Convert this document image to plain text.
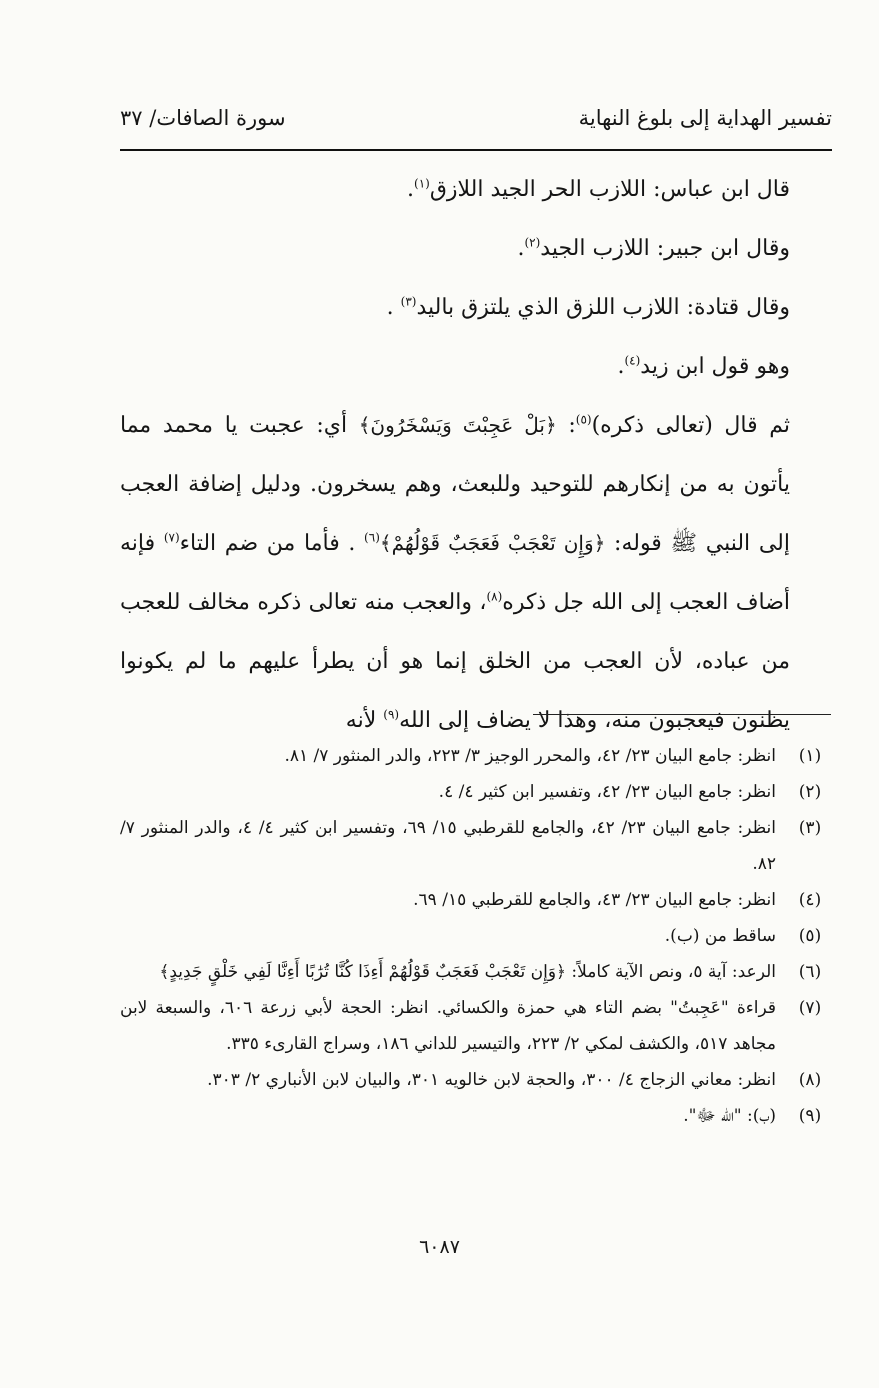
تفسير الهداية إلى بلوغ النهاية
سورة الصافات/ ٣٧

قال ابن عباس: اللازب الحر الجيد اللازق$^{(١)}$.

وقال ابن جبير: اللازب الجيد$^{(٢)}$.

وقال قتادة: اللازب اللزق الذي يلتزق باليد$^{(٣)}$ .

وهو قول ابن زيد$^{(٤)}$.

ثم قال (تعالى ذكره)$^{(٥)}$: ﴿بَلْ عَجِبْتَ وَيَسْخَرُونَ﴾ أي: عجبت يا محمد مما يأتون به من إنكارهم للتوحيد وللبعث، وهم يسخرون. ودليل إضافة العجب إلى النبي ﷺ قوله: ﴿وَإِن تَعْجَبْ فَعَجَبٌ قَوْلُهُمْ﴾$^{(٦)}$ . فأما من ضم التاء$^{(٧)}$ فإنه أضاف العجب إلى الله جل ذكره$^{(٨)}$، والعجب منه تعالى ذكره مخالف للعجب من عباده، لأن العجب من الخلق إنما هو أن يطرأ عليهم ما لم يكونوا يظنون فيعجبون منه، وهذا لا يضاف إلى الله$^{(٩)}$ لأنه

(١)
انظر: جامع البيان ٢٣/ ٤٢، والمحرر الوجيز ٣/ ٢٢٣، والدر المنثور ٧/ ٨١.
(٢)
انظر: جامع البيان ٢٣/ ٤٢، وتفسير ابن كثير ٤/ ٤.
(٣)
انظر: جامع البيان ٢٣/ ٤٢، والجامع للقرطبي ١٥/ ٦٩، وتفسير ابن كثير ٤/ ٤، والدر المنثور ٧/ ٨٢.
(٤)
انظر: جامع البيان ٢٣/ ٤٣، والجامع للقرطبي ١٥/ ٦٩.
(٥)
ساقط من (ب).
(٦)
الرعد: آية ٥، ونص الآية كاملاً: ﴿وَإِن تَعْجَبْ فَعَجَبٌ قَوْلُهُمْ أَءِذَا كُنَّا تُرَٰبًا أَءِنَّا لَفِي خَلْقٍ جَدِيدٍ﴾
(٧)
قراءة "عَجِبتُ" بضم التاء هي حمزة والكسائي. انظر: الحجة لأبي زرعة ٦٠٦، والسبعة لابن مجاهد ٥١٧، والكشف لمكي ٢/ ٢٢٣، والتيسير للداني ١٨٦، وسراج القارىء ٣٣٥.
(٨)
انظر: معاني الزجاج ٤/ ٣٠٠، والحجة لابن خالويه ٣٠١، والبيان لابن الأنباري ٢/ ٣٠٣.
(٩)
(ب): "الله ﷻ".
٦٠٨٧
